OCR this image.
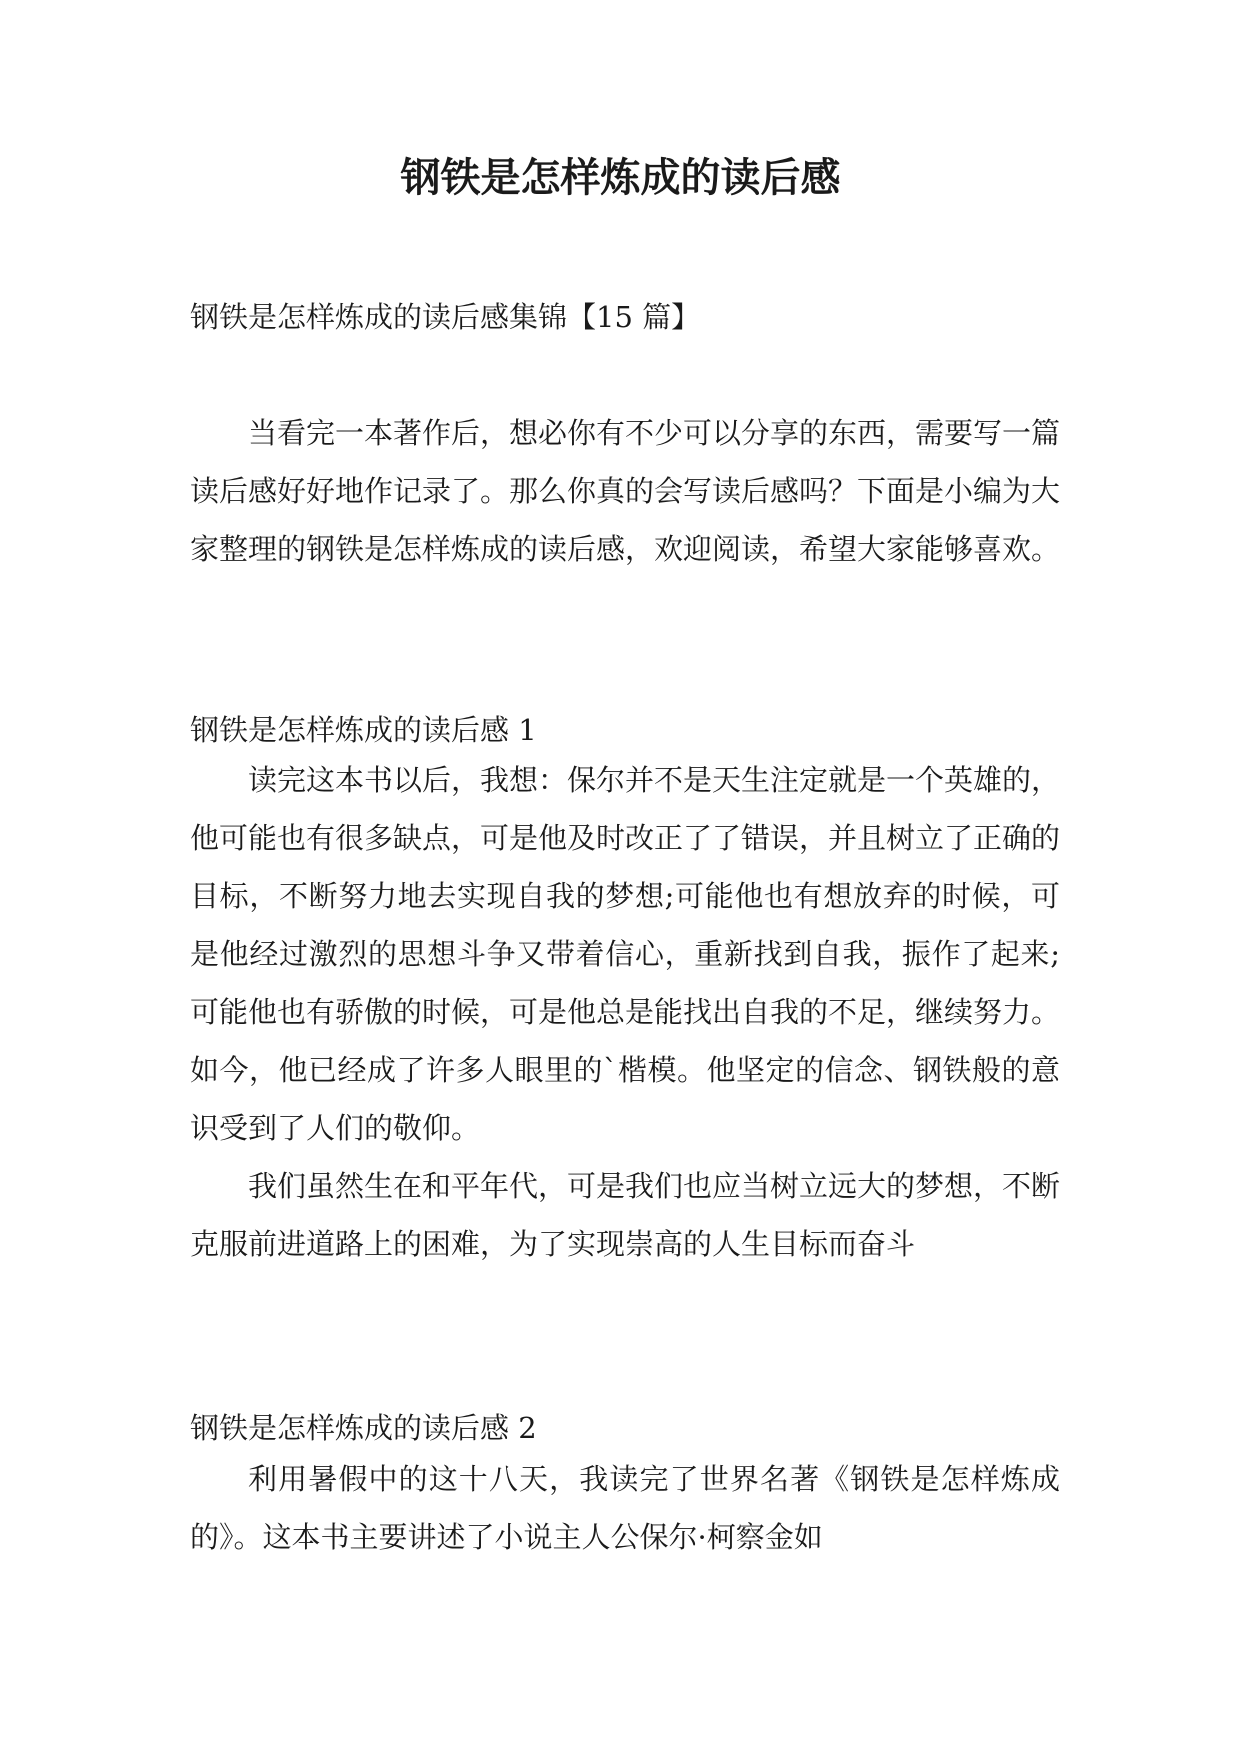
钢铁是怎样炼成的读后感
钢铁是怎样炼成的读后感集锦【15 篇】

当看完一本著作后，想必你有不少可以分享的东西，需要写一篇读后感好好地作记录了。那么你真的会写读后感吗？下面是小编为大家整理的钢铁是怎样炼成的读后感，欢迎阅读，希望大家能够喜欢。

钢铁是怎样炼成的读后感 1

读完这本书以后，我想：保尔并不是天生注定就是一个英雄的，他可能也有很多缺点，可是他及时改正了了错误，并且树立了正确的目标，不断努力地去实现自我的梦想;可能他也有想放弃的时候，可是他经过激烈的思想斗争又带着信心，重新找到自我，振作了起来;可能他也有骄傲的时候，可是他总是能找出自我的不足，继续努力。如今，他已经成了许多人眼里的`楷模。他坚定的信念、钢铁般的意识受到了人们的敬仰。

我们虽然生在和平年代，可是我们也应当树立远大的梦想，不断克服前进道路上的困难，为了实现崇高的人生目标而奋斗

钢铁是怎样炼成的读后感 2

利用暑假中的这十八天，我读完了世界名著《钢铁是怎样炼成的》。这本书主要讲述了小说主人公保尔·柯察金如
